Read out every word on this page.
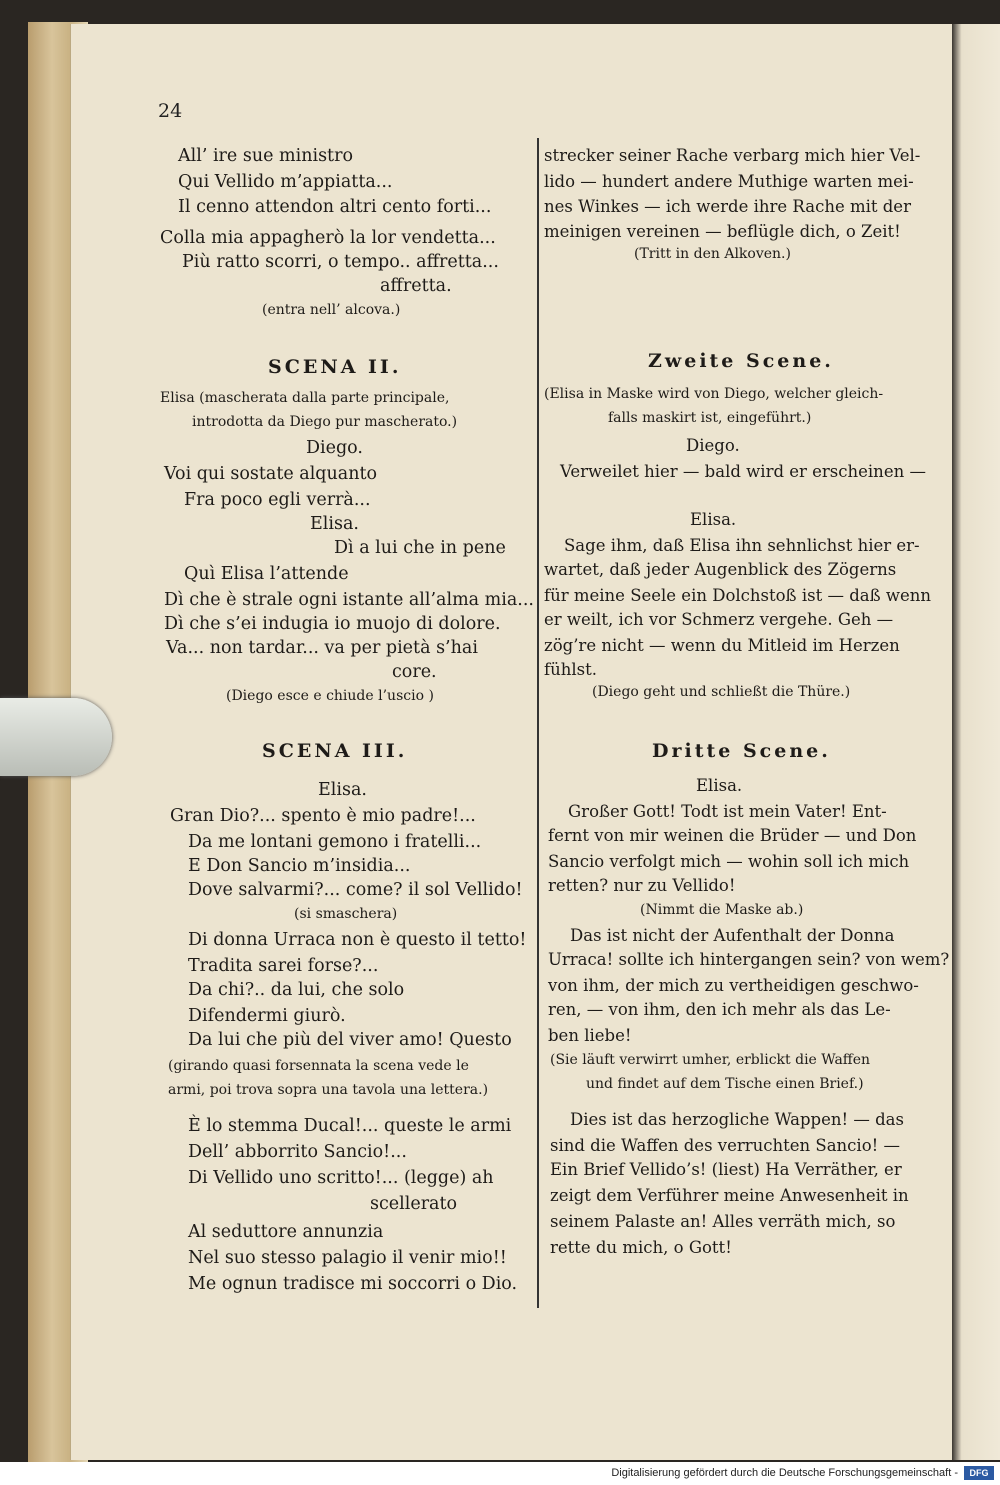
24
All’ ire sue ministro
Qui Vellido m’appiatta...
Il cenno attendon altri cento forti...
Colla mia appagherò la lor vendetta...
Più ratto scorri, o tempo.. affretta...
affretta.
(entra nell’ alcova.)
SCENA II.
Elisa (mascherata dalla parte principale,
introdotta da Diego pur mascherato.)
Diego.
Voi qui sostate alquanto
Fra poco egli verrà...
Elisa.
Dì a lui che in pene
Quì Elisa l’attende
Dì che è strale ogni istante all’alma mia...
Dì che s’ei indugia io muojo di dolore.
Va... non tardar... va per pietà s’hai
core.
(Diego esce e chiude l’uscio )
SCENA III.
Elisa.
Gran Dio?... spento è mio padre!...
Da me lontani gemono i fratelli...
E Don Sancio m’insidia...
Dove salvarmi?... come? il sol Vellido!
(si smaschera)
Di donna Urraca non è questo il tetto!
Tradita sarei forse?...
Da chi?.. da lui, che solo
Difendermi giurò.
Da lui che più del viver amo! Questo
(girando quasi forsennata la scena vede le
armi, poi trova sopra una tavola una lettera.)
È lo stemma Ducal!... queste le armi
Dell’ abborrito Sancio!...
Di Vellido uno scritto!... (legge) ah
scellerato
Al seduttore annunzia
Nel suo stesso palagio il venir mio!!
Me ognun tradisce mi soccorri o Dio.
strecker seiner Rache verbarg mich hier Vel-
lido — hundert andere Muthige warten mei-
nes Winkes — ich werde ihre Rache mit der
meinigen vereinen — beflügle dich, o Zeit!
(Tritt in den Alkoven.)
Zweite Scene.
(Elisa in Maske wird von Diego, welcher gleich-
falls maskirt ist, eingeführt.)
Diego.
Verweilet hier — bald wird er erscheinen —
Elisa.
Sage ihm, daß Elisa ihn sehnlichst hier er-
wartet, daß jeder Augenblick des Zögerns
für meine Seele ein Dolchstoß ist — daß wenn
er weilt, ich vor Schmerz vergehe. Geh —
zög’re nicht — wenn du Mitleid im Herzen
fühlst.
(Diego geht und schließt die Thüre.)
Dritte Scene.
Elisa.
Großer Gott! Todt ist mein Vater! Ent-
fernt von mir weinen die Brüder — und Don
Sancio verfolgt mich — wohin soll ich mich
retten? nur zu Vellido!
(Nimmt die Maske ab.)
Das ist nicht der Aufenthalt der Donna
Urraca! sollte ich hintergangen sein? von wem?
von ihm, der mich zu vertheidigen geschwo-
ren, — von ihm, den ich mehr als das Le-
ben liebe!
(Sie läuft verwirrt umher, erblickt die Waffen
und findet auf dem Tische einen Brief.)
Dies ist das herzogliche Wappen! — das
sind die Waffen des verruchten Sancio! —
Ein Brief Vellido’s! (liest) Ha Verräther, er
zeigt dem Verführer meine Anwesenheit in
seinem Palaste an! Alles verräth mich, so
rette du mich, o Gott!
Digitalisierung gefördert durch die Deutsche Forschungsgemeinschaft -	DFG
